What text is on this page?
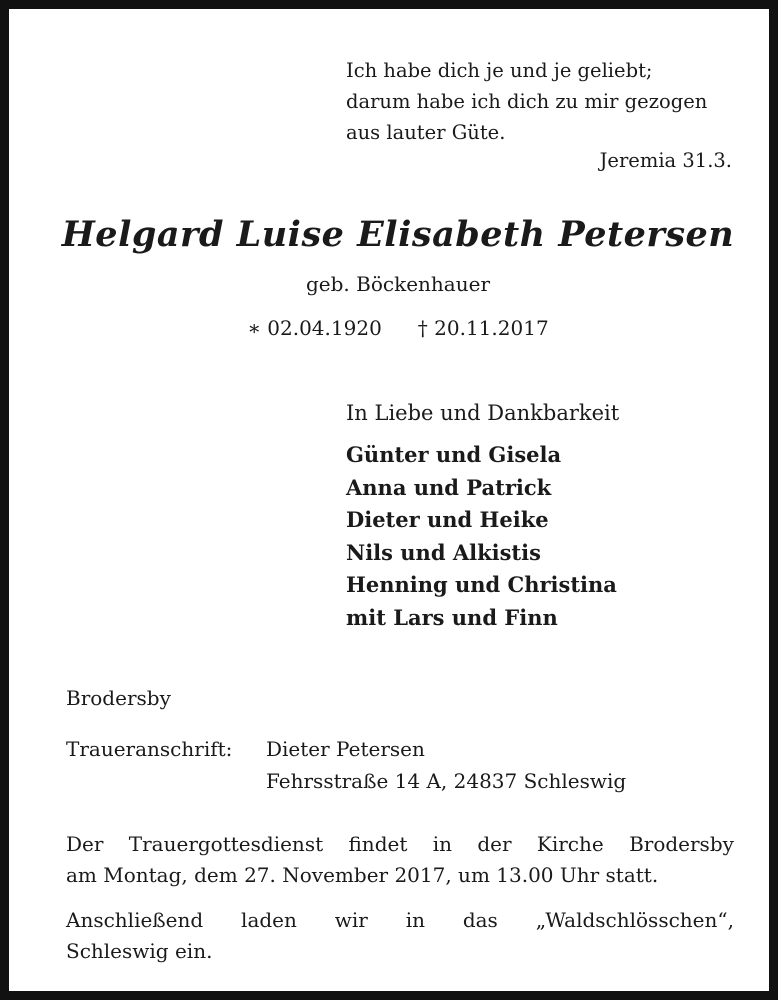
Ich habe dich je und je geliebt;
darum habe ich dich zu mir gezogen
aus lauter Güte.
Jeremia 31.3.
Helgard Luise Elisabeth Petersen
geb. Böckenhauer
∗ 02.04.1920 † 20.11.2017
In Liebe und Dankbarkeit
Günter und Gisela
Anna und Patrick
Dieter und Heike
Nils und Alkistis
Henning und Christina
mit Lars und Finn
Brodersby
Traueranschrift: Dieter Petersen
Fehrsstraße 14 A, 24837 Schleswig
Der Trauergottesdienst findet in der Kirche Brodersby
am Montag, dem 27. November 2017, um 13.00 Uhr statt.
Anschließend laden wir in das „Waldschlösschen“,
Schleswig ein.
